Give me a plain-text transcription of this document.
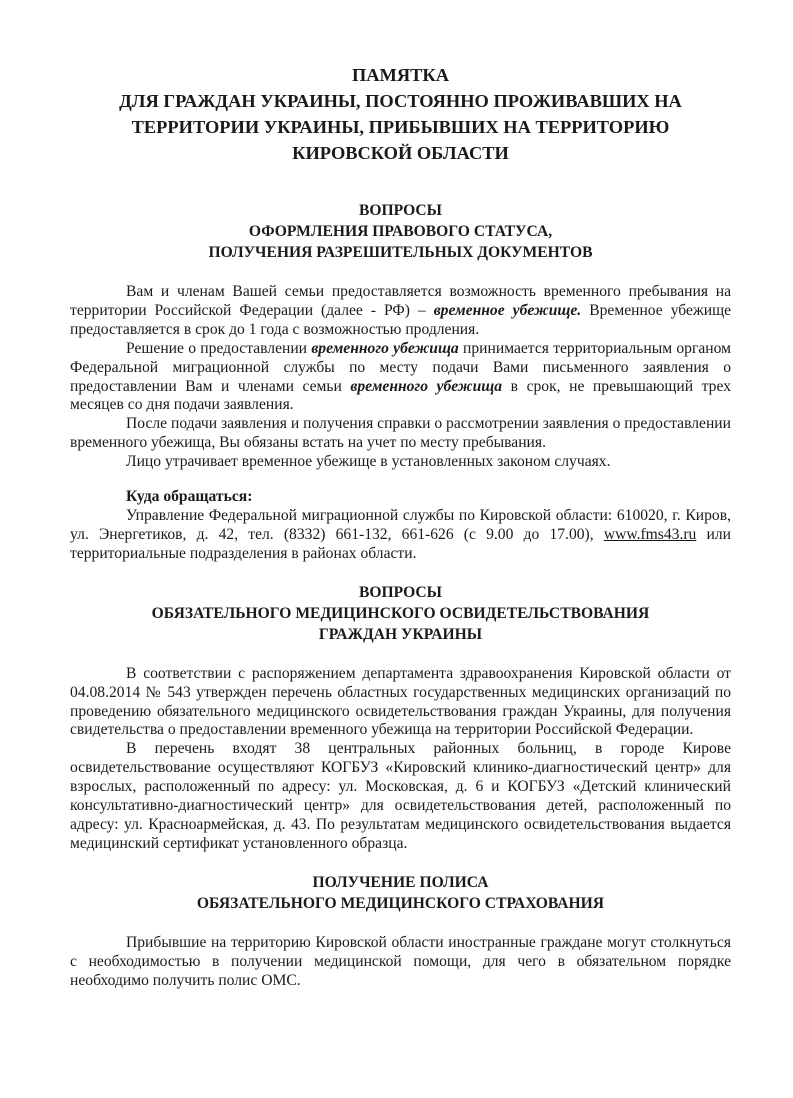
ПАМЯТКА
ДЛЯ ГРАЖДАН УКРАИНЫ, ПОСТОЯННО ПРОЖИВАВШИХ НА
ТЕРРИТОРИИ УКРАИНЫ, ПРИБЫВШИХ НА ТЕРРИТОРИЮ
КИРОВСКОЙ ОБЛАСТИ
ВОПРОСЫ
ОФОРМЛЕНИЯ ПРАВОВОГО СТАТУСА,
ПОЛУЧЕНИЯ РАЗРЕШИТЕЛЬНЫХ ДОКУМЕНТОВ

Вам и членам Вашей семьи предоставляется возможность временного пребывания на территории Российской Федерации (далее - РФ) – временное убежище. Временное убежище предоставляется в срок до 1 года с возможностью продления.

Решение о предоставлении временного убежища принимается территориальным органом Федеральной миграционной службы по месту подачи Вами письменного заявления о предоставлении Вам и членами семьи временного убежища в срок, не превышающий трех месяцев со дня подачи заявления.

После подачи заявления и получения справки о рассмотрении заявления о предоставлении временного убежища, Вы обязаны встать на учет по месту пребывания.

Лицо утрачивает временное убежище в установленных законом случаях.

Куда обращаться:

Управление Федеральной миграционной службы по Кировской области: 610020, г. Киров, ул. Энергетиков, д. 42, тел. (8332) 661-132, 661-626 (с 9.00 до 17.00), www.fms43.ru или территориальные подразделения в районах области.

ВОПРОСЫ
ОБЯЗАТЕЛЬНОГО МЕДИЦИНСКОГО ОСВИДЕТЕЛЬСТВОВАНИЯ
ГРАЖДАН УКРАИНЫ

В соответствии с распоряжением департамента здравоохранения Кировской области от 04.08.2014 № 543 утвержден перечень областных государственных медицинских организаций по проведению обязательного медицинского освидетельствования граждан Украины, для получения свидетельства о предоставлении временного убежища на территории Российской Федерации.

В перечень входят 38 центральных районных больниц, в городе Кирове освидетельствование осуществляют КОГБУЗ «Кировский клинико-диагностический центр» для взрослых, расположенный по адресу: ул. Московская, д. 6 и КОГБУЗ «Детский клинический консультативно-диагностический центр» для освидетельствования детей, расположенный по адресу: ул. Красноармейская, д. 43. По результатам медицинского освидетельствования выдается медицинский сертификат установленного образца.

ПОЛУЧЕНИЕ ПОЛИСА
ОБЯЗАТЕЛЬНОГО МЕДИЦИНСКОГО СТРАХОВАНИЯ

Прибывшие на территорию Кировской области иностранные граждане могут столкнуться с необходимостью в получении медицинской помощи, для чего в обязательном порядке необходимо получить полис ОМС.
